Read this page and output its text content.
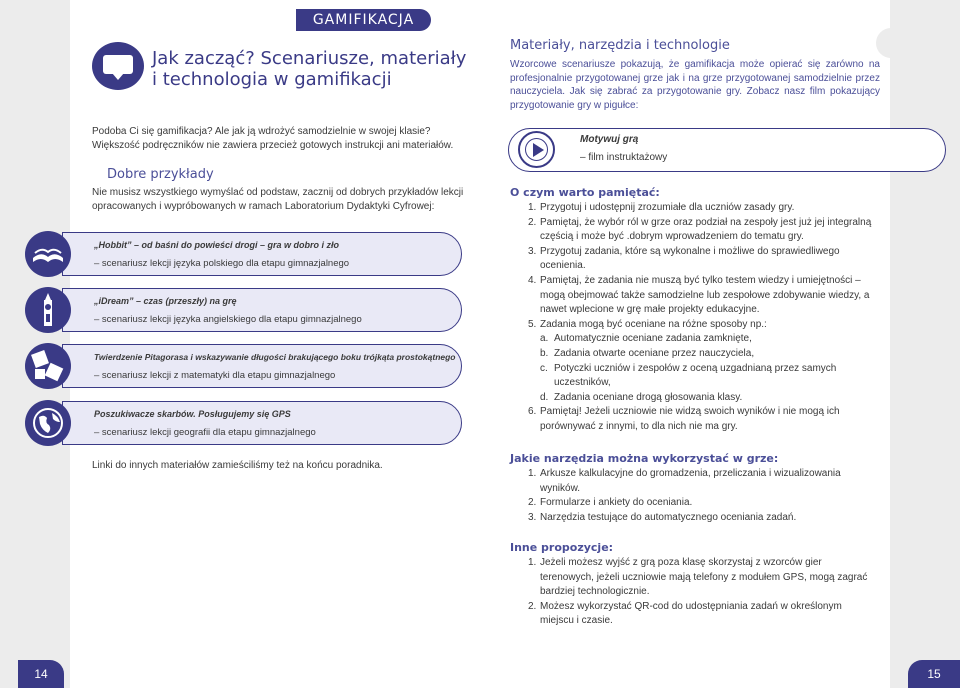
GAMIFIKACJA
Jak zacząć? Scenariusze, materiały
i technologia w gamifikacji

Podoba Ci się gamifikacja? Ale jak ją wdrożyć samodzielnie w swojej klasie? Większość podręczników nie zawiera przecież gotowych instrukcji ani materiałów.

Dobre przykłady

Nie musisz wszystkiego wymyślać od podstaw, zacznij od dobrych przykładów lekcji opracowanych i wypróbowanych w ramach Laboratorium Dydaktyki Cyfrowej:

„Hobbit” – od baśni do powieści drogi – gra w dobro i zło
– scenariusz lekcji języka polskiego dla etapu gimnazjalnego
„iDream” – czas (przeszły) na grę
– scenariusz lekcji języka angielskiego dla etapu gimnazjalnego
Twierdzenie Pitagorasa i wskazywanie długości brakującego boku trójkąta prostokątnego
– scenariusz lekcji z matematyki dla etapu gimnazjalnego
Poszukiwacze skarbów. Posługujemy się GPS
– scenariusz lekcji geografii dla etapu gimnazjalnego

Linki do innych materiałów zamieściliśmy też na końcu poradnika.

14
Materiały, narzędzia i technologie

Wzorcowe scenariusze pokazują, że gamifikacja może opierać się zarówno na profesjonalnie przygotowanej grze jak i na grze przygotowanej samodzielnie przez nauczyciela. Jak się zabrać za przygotowanie gry. Zobacz nasz film pokazujący przygotowanie gry w pigułce:

Motywuj grą
– film instruktażowy
O czym warto pamiętać:
1. Przygotuj i udostępnij zrozumiałe dla uczniów zasady gry.
2. Pamiętaj, że wybór ról w grze oraz podział na zespoły jest już jej integralną częścią i może być .dobrym wprowadzeniem do tematu gry.
3. Przygotuj zadania, które są wykonalne i możliwe do sprawiedliwego ocenienia.
4. Pamiętaj, że zadania nie muszą być tylko testem wiedzy i umiejętności – mogą obejmować także samodzielne lub zespołowe zdobywanie wiedzy, a nawet wplecione w grę małe projekty edukacyjne.
5. Zadania mogą być oceniane na różne sposoby np.:
a. Automatycznie oceniane zadania zamknięte,
b. Zadania otwarte oceniane przez nauczyciela,
c. Potyczki uczniów i zespołów z oceną uzgadnianą przez samych uczestników,
d. Zadania oceniane drogą głosowania klasy.
6. Pamiętaj! Jeżeli uczniowie nie widzą swoich wyników i nie mogą ich porównywać z innymi, to dla nich nie ma gry.
Jakie narzędzia można wykorzystać w grze:
1. Arkusze kalkulacyjne do gromadzenia, przeliczania i wizualizowania wyników.
2. Formularze i ankiety do oceniania.
3. Narzędzia testujące do automatycznego oceniania zadań.
Inne propozycje:
1. Jeżeli możesz wyjść z grą poza klasę skorzystaj z wzorców gier terenowych, jeżeli uczniowie mają telefony z modułem GPS, mogą zagrać bardziej technologicznie.
2. Możesz wykorzystać QR-cod do udostępniania zadań w określonym miejscu i czasie.
15
